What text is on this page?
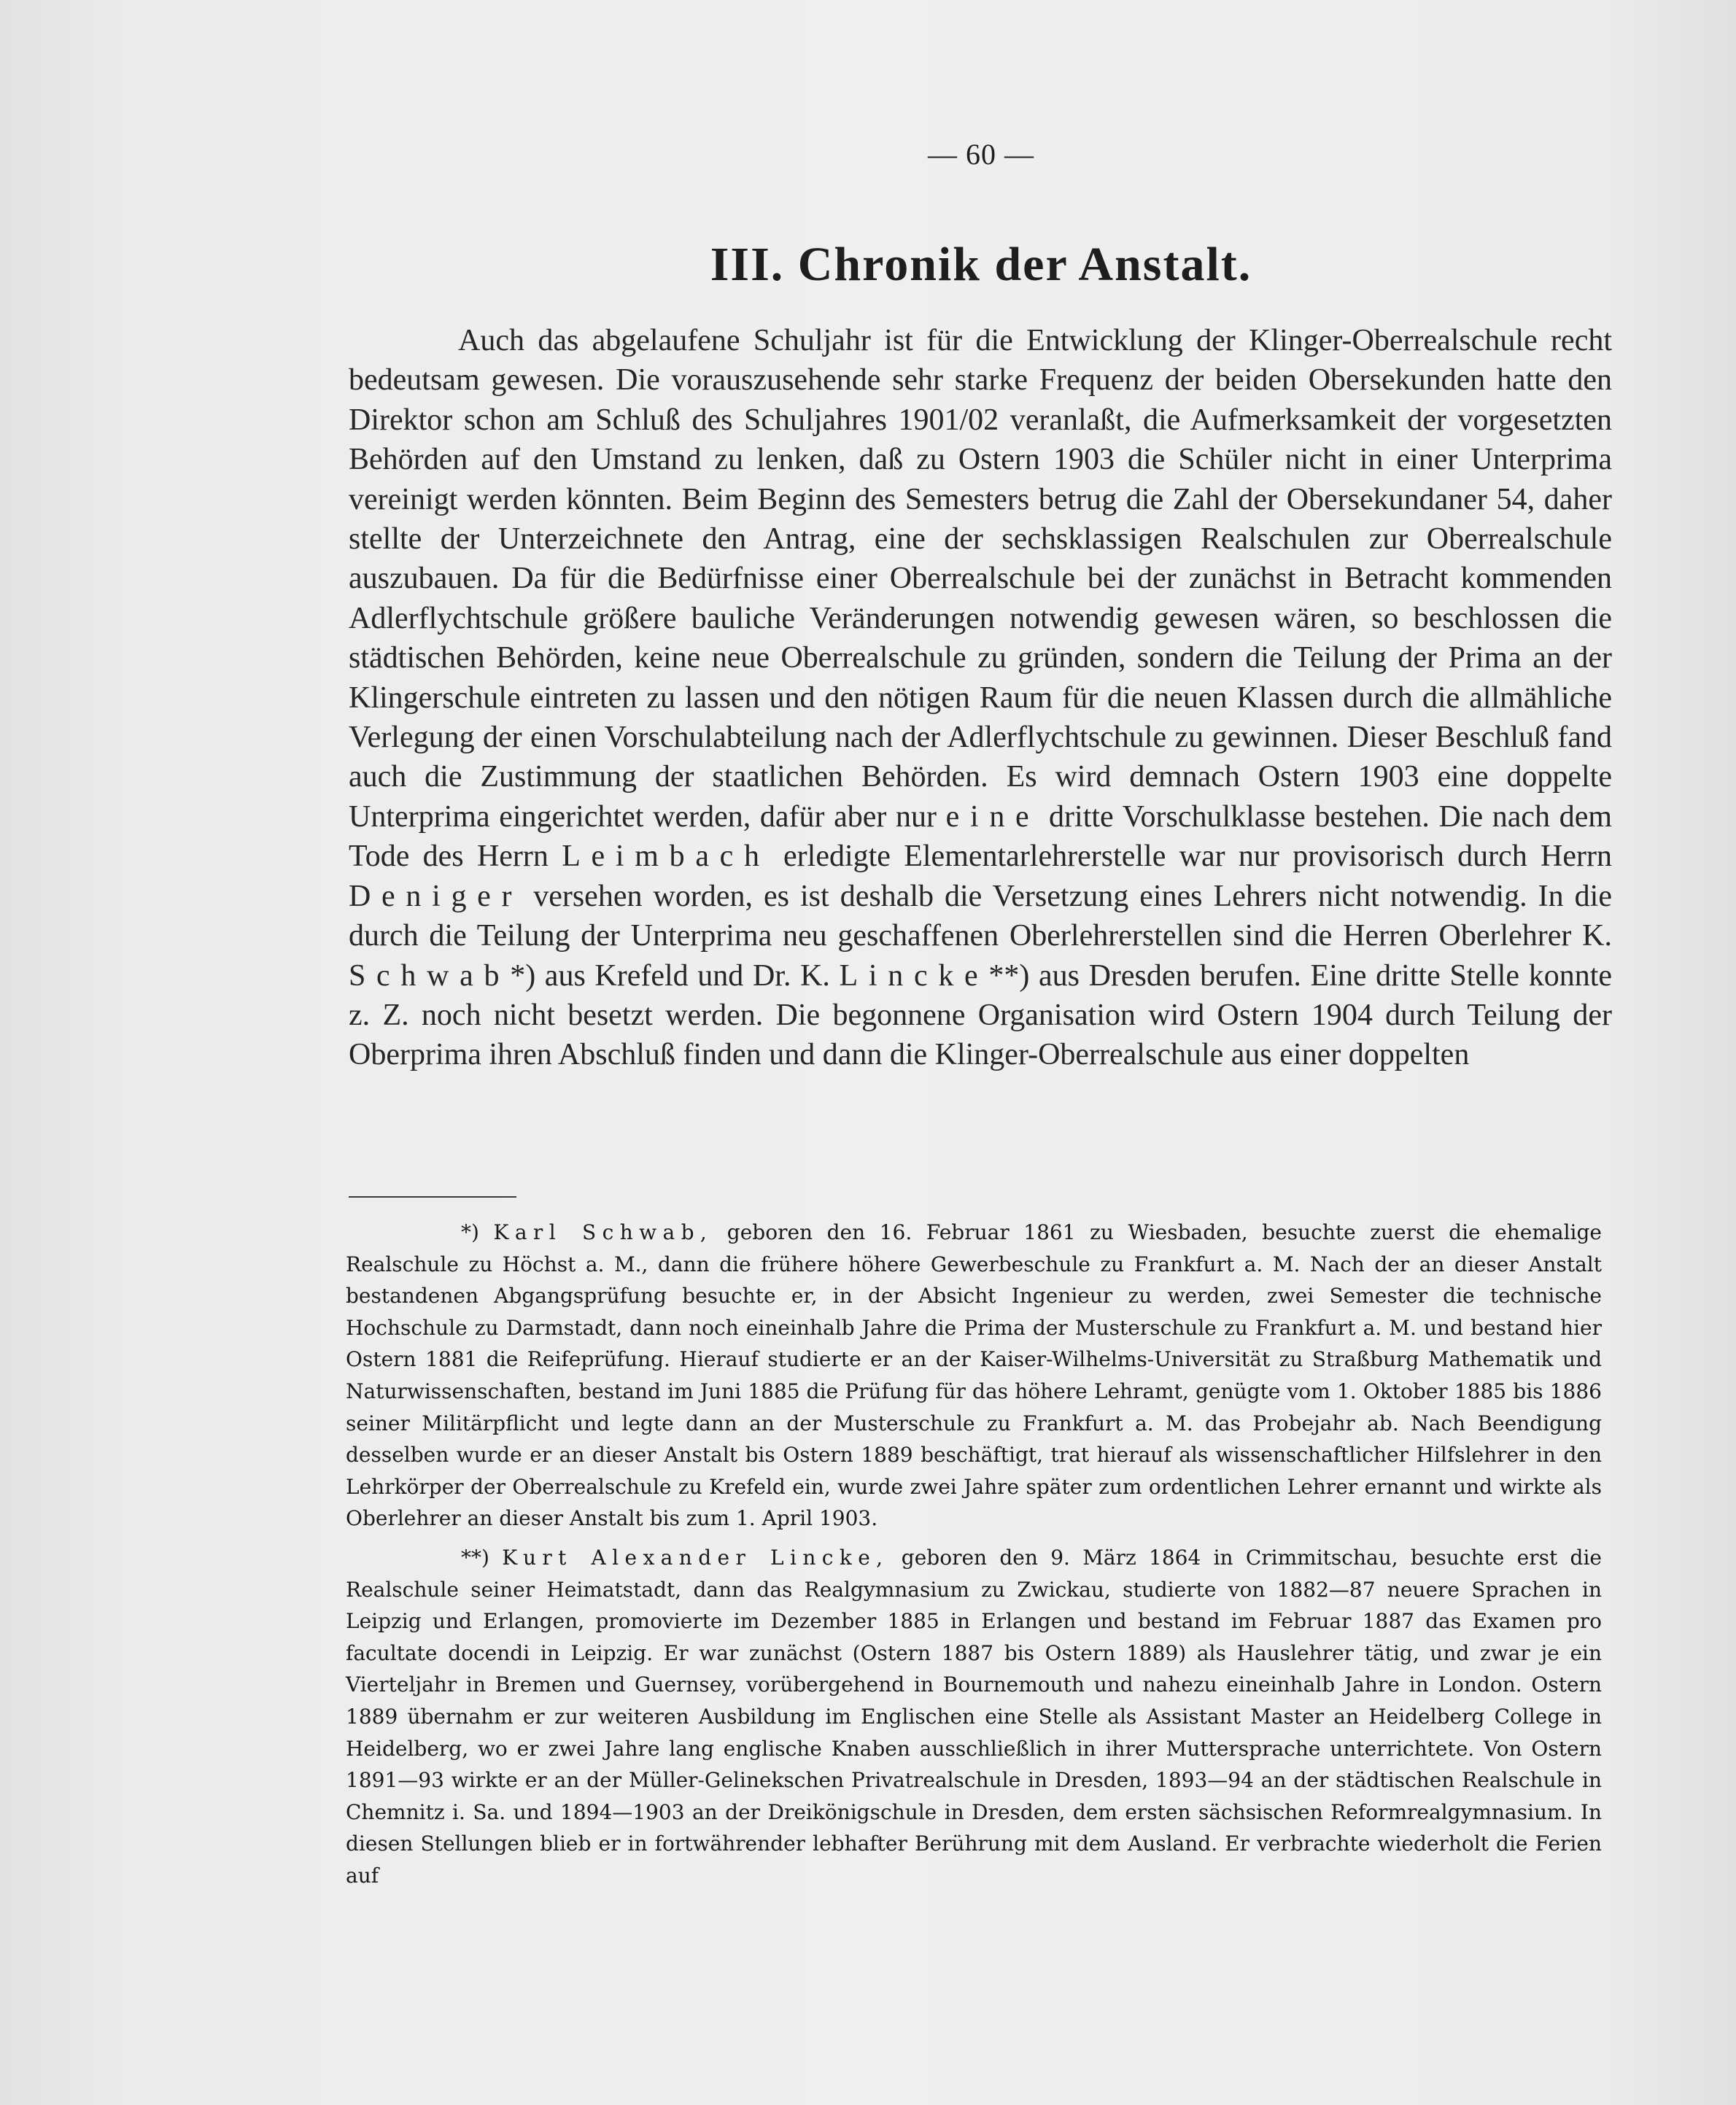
— 60 —
III. Chronik der Anstalt.

Auch das abgelaufene Schuljahr ist für die Entwicklung der Klinger-Oberrealschule recht bedeutsam gewesen. Die vorauszusehende sehr starke Frequenz der beiden Obersekunden hatte den Direktor schon am Schluß des Schuljahres 1901/02 veranlaßt, die Aufmerksamkeit der vorgesetzten Behörden auf den Umstand zu lenken, daß zu Ostern 1903 die Schüler nicht in einer Unterprima vereinigt werden könnten. Beim Beginn des Semesters betrug die Zahl der Obersekundaner 54, daher stellte der Unterzeichnete den Antrag, eine der sechsklassigen Realschulen zur Oberrealschule auszubauen. Da für die Bedürfnisse einer Oberrealschule bei der zunächst in Betracht kommenden Adlerflychtschule größere bauliche Veränderungen notwendig gewesen wären, so beschlossen die städtischen Behörden, keine neue Oberrealschule zu gründen, sondern die Teilung der Prima an der Klingerschule eintreten zu lassen und den nötigen Raum für die neuen Klassen durch die allmähliche Verlegung der einen Vorschulabteilung nach der Adlerflychtschule zu gewinnen. Dieser Beschluß fand auch die Zustimmung der staatlichen Behörden. Es wird demnach Ostern 1903 eine doppelte Unterprima eingerichtet werden, dafür aber nur eine dritte Vorschulklasse bestehen. Die nach dem Tode des Herrn Leimbach erledigte Elementarlehrerstelle war nur provisorisch durch Herrn Deniger versehen worden, es ist deshalb die Versetzung eines Lehrers nicht notwendig. In die durch die Teilung der Unterprima neu geschaffenen Oberlehrerstellen sind die Herren Oberlehrer K. Schwab*) aus Krefeld und Dr. K. Lincke**) aus Dresden berufen. Eine dritte Stelle konnte z. Z. noch nicht besetzt werden. Die begonnene Organisation wird Ostern 1904 durch Teilung der Oberprima ihren Abschluß finden und dann die Klinger-Oberrealschule aus einer doppelten

*) Karl Schwab, geboren den 16. Februar 1861 zu Wiesbaden, besuchte zuerst die ehemalige Realschule zu Höchst a. M., dann die frühere höhere Gewerbeschule zu Frankfurt a. M. Nach der an dieser Anstalt bestandenen Abgangsprüfung besuchte er, in der Absicht Ingenieur zu werden, zwei Semester die technische Hochschule zu Darmstadt, dann noch eineinhalb Jahre die Prima der Musterschule zu Frankfurt a. M. und bestand hier Ostern 1881 die Reifeprüfung. Hierauf studierte er an der Kaiser-Wilhelms-Universität zu Straßburg Mathematik und Naturwissenschaften, bestand im Juni 1885 die Prüfung für das höhere Lehramt, genügte vom 1. Oktober 1885 bis 1886 seiner Militärpflicht und legte dann an der Musterschule zu Frankfurt a. M. das Probejahr ab. Nach Beendigung desselben wurde er an dieser Anstalt bis Ostern 1889 beschäftigt, trat hierauf als wissenschaftlicher Hilfslehrer in den Lehrkörper der Oberrealschule zu Krefeld ein, wurde zwei Jahre später zum ordentlichen Lehrer ernannt und wirkte als Oberlehrer an dieser Anstalt bis zum 1. April 1903.

**) Kurt Alexander Lincke, geboren den 9. März 1864 in Crimmitschau, besuchte erst die Realschule seiner Heimatstadt, dann das Realgymnasium zu Zwickau, studierte von 1882—87 neuere Sprachen in Leipzig und Erlangen, promovierte im Dezember 1885 in Erlangen und bestand im Februar 1887 das Examen pro facultate docendi in Leipzig. Er war zunächst (Ostern 1887 bis Ostern 1889) als Hauslehrer tätig, und zwar je ein Vierteljahr in Bremen und Guernsey, vorübergehend in Bournemouth und nahezu eineinhalb Jahre in London. Ostern 1889 übernahm er zur weiteren Ausbildung im Englischen eine Stelle als Assistant Master an Heidelberg College in Heidelberg, wo er zwei Jahre lang englische Knaben ausschließlich in ihrer Muttersprache unterrichtete. Von Ostern 1891—93 wirkte er an der Müller-Gelinekschen Privatrealschule in Dresden, 1893—94 an der städtischen Realschule in Chemnitz i. Sa. und 1894—1903 an der Dreikönigschule in Dresden, dem ersten sächsischen Reformrealgymnasium. In diesen Stellungen blieb er in fortwährender lebhafter Berührung mit dem Ausland. Er verbrachte wiederholt die Ferien auf
